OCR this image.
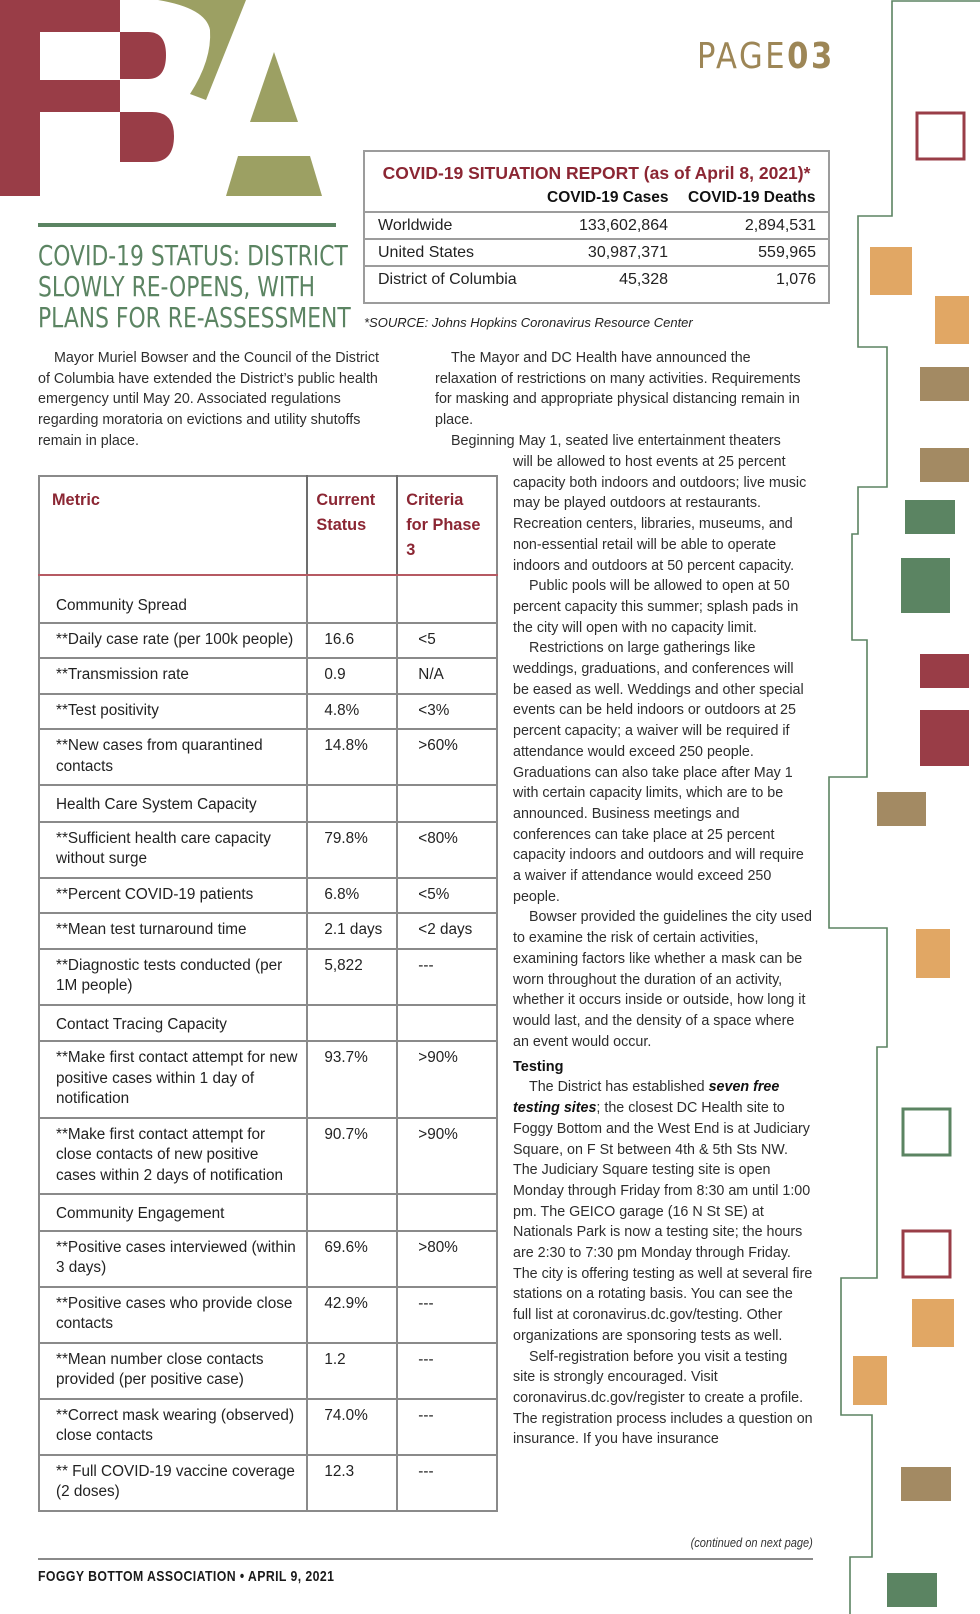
PAGE03
COVID-19 STATUS: DISTRICT
SLOWLY RE-OPENS, WITH
PLANS FOR RE-ASSESSMENT
COVID-19 SITUATION REPORT (as of April 8, 2021)*
COVID-19 Cases COVID-19 Deaths
Worldwide	133,602,864	2,894,531
United States	30,987,371	559,965
District of Columbia	45,328	1,076
*SOURCE: Johns Hopkins Coronavirus Resource Center

Mayor Muriel Bowser and the Council of the District of Columbia have extended the District’s public health emergency until May 20. Associated regulations regarding moratoria on evictions and utility shutoffs remain in place.

The Mayor and DC Health have announced the relaxation of restrictions on many activities. Requirements for masking and appropriate physical distancing remain in place.

Beginning May 1, seated live entertainment theaters

Metric	Current Status	Criteria for Phase 3
Community Spread		
**Daily case rate (per 100k people)	16.6	<5
**Transmission rate	0.9	N/A
**Test positivity	4.8%	<3%
**New cases from quarantined contacts	14.8%	>60%
Health Care System Capacity		
**Sufficient health care capacity without surge	79.8%	<80%
**Percent COVID-19 patients	6.8%	<5%
**Mean test turnaround time	2.1 days	<2 days
**Diagnostic tests conducted (per 1M people)	5,822	---
Contact Tracing Capacity		
**Make first contact attempt for new positive cases within 1 day of notification	93.7%	>90%
**Make first contact attempt for close contacts of new positive cases within 2 days of notification	90.7%	>90%
Community Engagement		
**Positive cases interviewed (within 3 days)	69.6%	>80%
**Positive cases who provide close contacts	42.9%	---
**Mean number close contacts provided (per positive case)	1.2	---
**Correct mask wearing (observed) close contacts	74.0%	---
** Full COVID-19 vaccine coverage (2 doses)	12.3	---

will be allowed to host events at 25 percent capacity both indoors and outdoors; live music may be played outdoors at restaurants. Recreation centers, libraries, museums, and non-essential retail will be able to operate indoors and outdoors at 50 percent capacity.

Public pools will be allowed to open at 50 percent capacity this summer; splash pads in the city will open with no capacity limit.

Restrictions on large gatherings like weddings, graduations, and conferences will be eased as well. Weddings and other special events can be held indoors or outdoors at 25 percent capacity; a waiver will be required if attendance would exceed 250 people. Graduations can also take place after May 1 with certain capacity limits, which are to be announced. Business meetings and conferences can take place at 25 percent capacity indoors and outdoors and will require a waiver if attendance would exceed 250 people.

Bowser provided the guidelines the city used to examine the risk of certain activities, examining factors like whether a mask can be worn throughout the duration of an activity, whether it occurs inside or outside, how long it would last, and the density of a space where an event would occur.

Testing

The District has established seven free testing sites; the closest DC Health site to Foggy Bottom and the West End is at Judiciary Square, on F St between 4th & 5th Sts NW. The Judiciary Square testing site is open Monday through Friday from 8:30 am until 1:00 pm. The GEICO garage (16 N St SE) at Nationals Park is now a testing site; the hours are 2:30 to 7:30 pm Monday through Friday. The city is offering testing as well at several fire stations on a rotating basis. You can see the full list at coronavirus.dc.gov/testing. Other organizations are sponsoring tests as well.

Self-registration before you visit a testing site is strongly encouraged. Visit coronavirus.dc.gov/register to create a profile. The registration process includes a question on insurance. If you have insurance

(continued on next page)
FOGGY BOTTOM ASSOCIATION • APRIL 9, 2021
